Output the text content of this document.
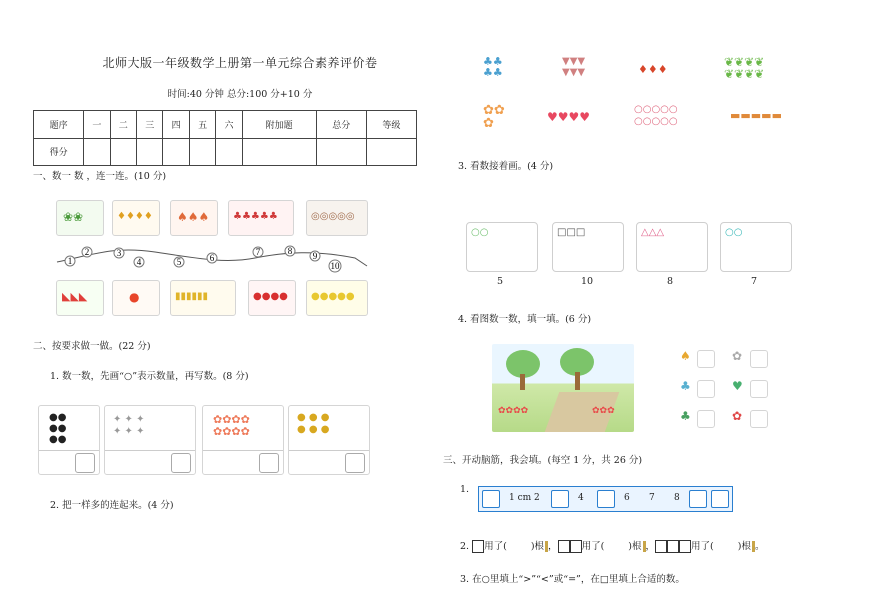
北师大版一年级数学上册第一单元综合素养评价卷
时间:40 分钟 总分:100 分+10 分
题序	一	二	三	四	五	六	附加题	总分	等级
得分									
一、数一 数 ，连一连。(10 分)
❀❀	♦♦♦♦ ♠♠♠ ♣♣♣♣♣	◎◎◎◎◎
1
2	3
4	5	6
7	8 9
10
◣◣◣	●	▮▮▮▮▮▮	●●●● ●●●●●
二、按要求做一做。(22 分)
1. 数一数，先画“○”表示数量，再写数。(8 分)
●●
●●
●●
✦ ✦ ✦
✦ ✦ ✦
✿✿✿✿
✿✿✿✿
● ● ●
● ● ●
2. 把一样多的连起来。(4 分)
♣♣
♣♣
▼▼▼
▼▼▼	♦♦♦
❦❦❦❦
❦❦❦❦
✿✿
✿	♥♥♥♥
○○○○○
○○○○○	▬▬▬▬▬
3. 看数接着画。(4 分)
○○	□□□	△△△	○○
5	10	8	7
4. 看图数一数，填一填。(6 分)
✿✿✿✿	✿✿✿
♠	✿
♣	♥
♣	✿
三、开动脑筋，我会填。(每空 1 分，共 26 分)
1.
1 cm 2	4	6 7 8
2. 用了(	)根 ，	用了(	)根 ，	用了(	)根 。
3. 在○里填上“>”“<”或“=”，在□里填上合适的数。
